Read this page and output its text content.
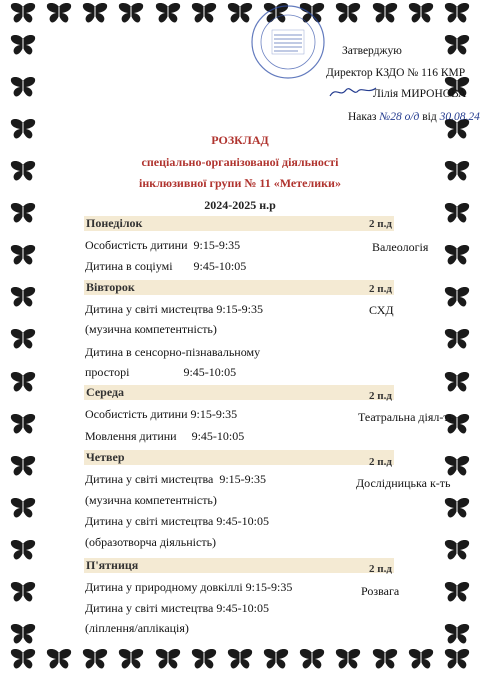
Затверджую
Директор КЗДО № 116 КМР
Лілія МИРОНОВА
Наказ №28 о/д від 30.08.24
РОЗКЛАД
спеціально-організованої діяльності
інклюзивної групи № 11 «Метелики»
2024-2025 н.р
Понеділок	2 п.д
Особистість дитини  9:15-9:35	Валеологія
Дитина в соціумі       9:45-10:05
Вівторок	2 п.д
Дитина у світі мистецтва 9:15-9:35	СХД
(музична компетентність)
Дитина в сенсорно-пізнавальному
просторі                  9:45-10:05
Середа	2 п.д
Особистість дитини 9:15-9:35	Театральна діял-ть
Мовлення дитини     9:45-10:05
Четвер	2 п.д
Дитина у світі мистецтва  9:15-9:35	Дослідницька к-ть
(музична компетентність)
Дитина у світі мистецтва 9:45-10:05
(образотворча діяльність)
П'ятниця	2 п.д
Дитина у природному довкіллі 9:15-9:35	Розвага
Дитина у світі мистецтва 9:45-10:05
(ліплення/аплікація)
